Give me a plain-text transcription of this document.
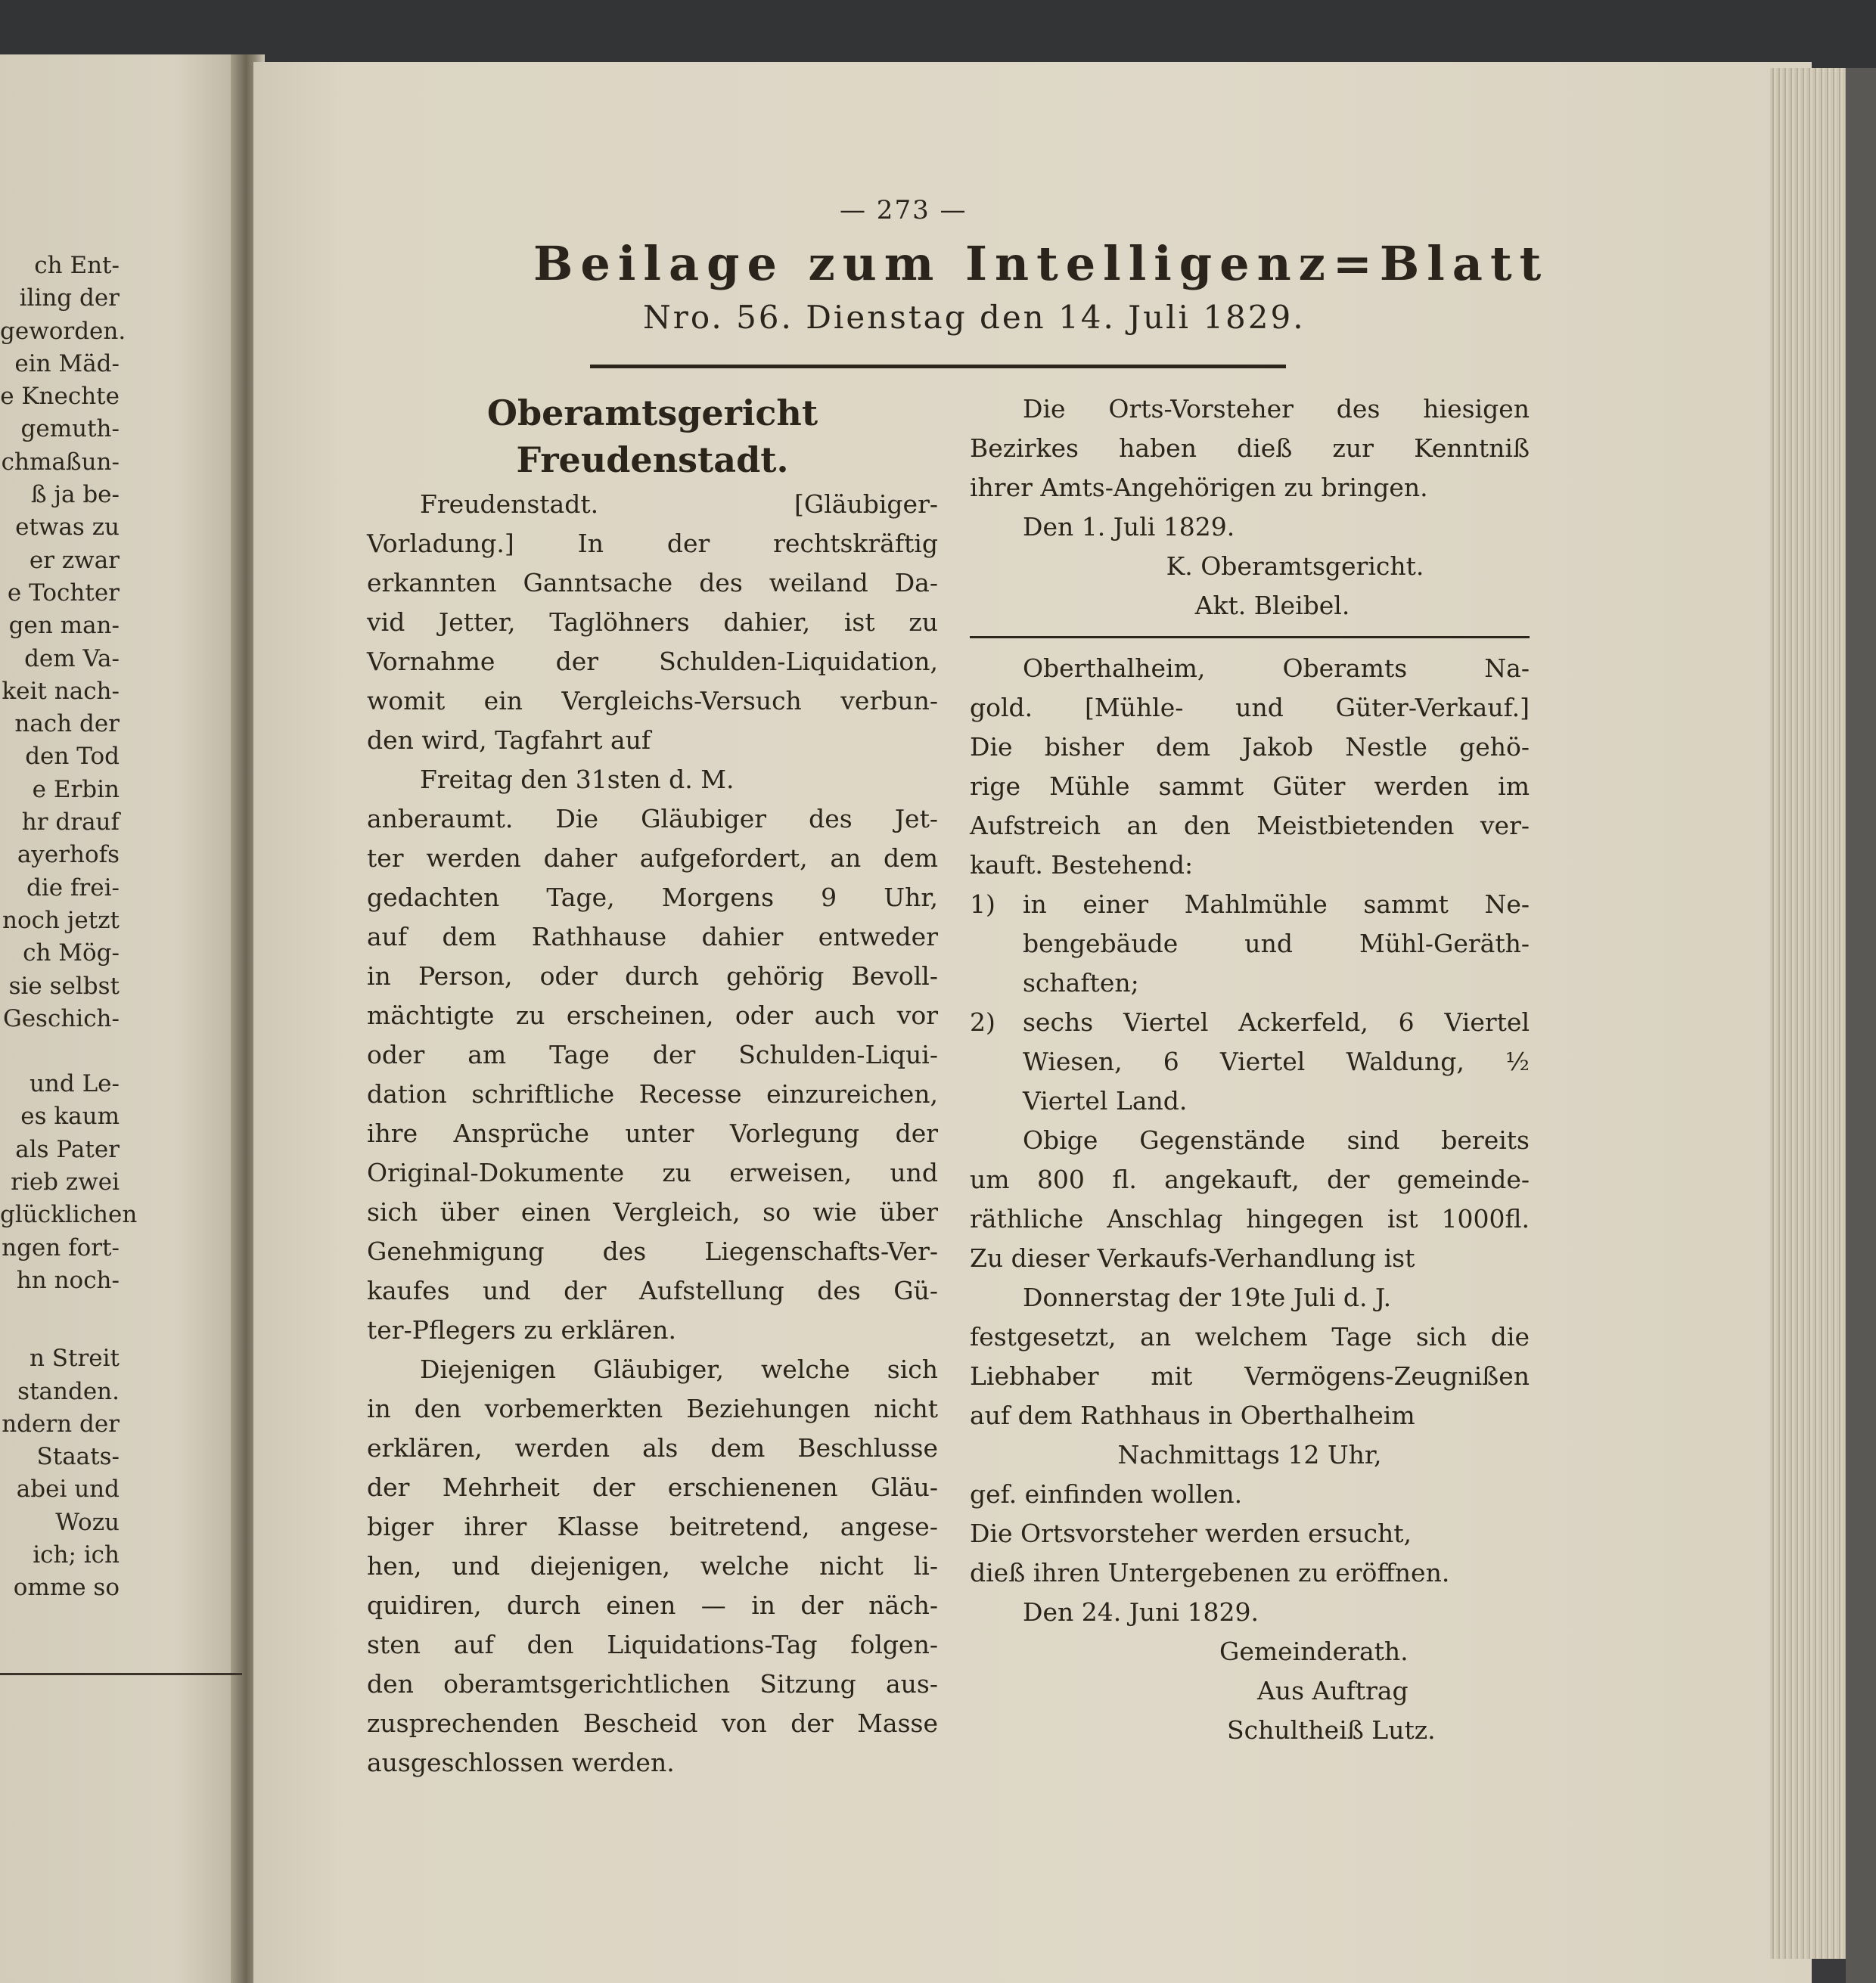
ch Ent-
iling der
geworden.
ein Mäd-
e Knechte
gemuth-
chmaßun-
ß ja be-
etwas zu
er zwar
e Tochter
gen man-
dem Va-
keit nach-
nach der
den Tod
e Erbin
hr drauf
ayerhofs
die frei-
noch jetzt
ch Mög-
sie selbst
Geschich-
und Le-
es kaum
als Pater
rieb zwei
glücklichen
ngen fort-
hn noch-
n Streit
standen.
ndern der
Staats-
abei und
Wozu
ich; ich
omme so
— 273 —
Beilage zum Intelligenz=Blatt
Nro. 56. Dienstag den 14. Juli 1829.
Oberamtsgericht Freudenstadt.
Freudenstadt. [Gläubiger-
Vorladung.] In der rechtskräftig
erkannten Ganntsache des weiland Da-
vid Jetter, Taglöhners dahier, ist zu
Vornahme der Schulden-Liquidation,
womit ein Vergleichs-Versuch verbun-
den wird, Tagfahrt auf
Freitag den 31sten d. M.
anberaumt. Die Gläubiger des Jet-
ter werden daher aufgefordert, an dem
gedachten Tage, Morgens 9 Uhr,
auf dem Rathhause dahier entweder
in Person, oder durch gehörig Bevoll-
mächtigte zu erscheinen, oder auch vor
oder am Tage der Schulden-Liqui-
dation schriftliche Recesse einzureichen,
ihre Ansprüche unter Vorlegung der
Original-Dokumente zu erweisen, und
sich über einen Vergleich, so wie über
Genehmigung des Liegenschafts-Ver-
kaufes und der Aufstellung des Gü-
ter-Pflegers zu erklären.
Diejenigen Gläubiger, welche sich
in den vorbemerkten Beziehungen nicht
erklären, werden als dem Beschlusse
der Mehrheit der erschienenen Gläu-
biger ihrer Klasse beitretend, angese-
hen, und diejenigen, welche nicht li-
quidiren, durch einen — in der näch-
sten auf den Liquidations-Tag folgen-
den oberamtsgerichtlichen Sitzung aus-
zusprechenden Bescheid von der Masse
ausgeschlossen werden.
Die Orts-Vorsteher des hiesigen
Bezirkes haben dieß zur Kenntniß
ihrer Amts-Angehörigen zu bringen.
Den 1. Juli 1829.
K. Oberamtsgericht.
Akt. Bleibel.
Oberthalheim, Oberamts Na-
gold. [Mühle- und Güter-Verkauf.]
Die bisher dem Jakob Nestle gehö-
rige Mühle sammt Güter werden im
Aufstreich an den Meistbietenden ver-
kauft. Bestehend:
1)	in einer Mahlmühle sammt Ne-
bengebäude und Mühl-Geräth-
schaften;
2)	sechs Viertel Ackerfeld, 6 Viertel
Wiesen, 6 Viertel Waldung, ½
Viertel Land.
Obige Gegenstände sind bereits
um 800 fl. angekauft, der gemeinde-
räthliche Anschlag hingegen ist 1000fl.
Zu dieser Verkaufs-Verhandlung ist
Donnerstag der 19te Juli d. J.
festgesetzt, an welchem Tage sich die
Liebhaber mit Vermögens-Zeugnißen
auf dem Rathhaus in Oberthalheim
Nachmittags 12 Uhr,
gef. einfinden wollen.
Die Ortsvorsteher werden ersucht,
dieß ihren Untergebenen zu eröffnen.
Den 24. Juni 1829.
Gemeinderath.
Aus Auftrag
Schultheiß Lutz.
